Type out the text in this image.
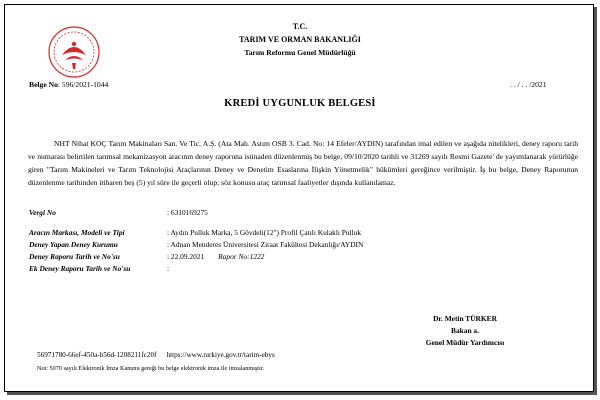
T.C.
TARIM VE ORMAN BAKANLIĞI
Tarım Reformu Genel Müdürlüğü
Belge No: 596/2021-1044	. . / . . /2021
KREDİ UYGUNLUK BELGESİ

NHT Nihat KOÇ Tarım Makinaları San. Ve Tic. A.Ş. (Ata Mah. Astım OSB 3. Cad. No: 14 Efeler/AYDIN) tarafından imal edilen ve aşağıda nitelikleri, deney raporu tarih ve numarası belirtilen tarımsal mekanizasyon aracının deney raporuna istinaden düzenlenmiş bu belge, 09/10/2020 tarihli ve 31269 sayılı Resmi Gazete' de yayımlanarak yürürlüğe giren "Tarım Makineleri ve Tarım Teknolojisi Araçlarının Deney ve Denetim Esaslarına İlişkin Yönetmelik" hükümleri gereğince verilmiştir. İş bu belge, Deney Raporunun düzenlenme tarihinden itibaren beş (5) yıl süre ile geçerli olup; söz konusu araç tarımsal faaliyetler dışında kullanılamaz.

Vergi No	: 6310169275
Aracın Markası, Modeli ve Tipi	: Aydın Pulluk Marka, 5 Gövdeli(12") Profil Çatılı Kulaklı Pulluk
Deney Yapan Deney Kurumu	: Adnan Menderes Üniversitesi Ziraat Fakültesi Dekanlığı/AYDIN
Deney Raporu Tarih ve No'su	: 22.09.2021 Rapor No:1222
Ek Deney Raporu Tarih ve No'su	:
Dr. Metin TÜRKER
Bakan a.
Genel Müdür Yardımcısı
56971780-66ef-450a-b56d-1208211fc20f https://www.turkiye.gov.tr/tarim-ebys
Not: 5070 sayılı Elektronik İmza Kanunu gereği bu belge elektronik imza ile imzalanmıştır.
